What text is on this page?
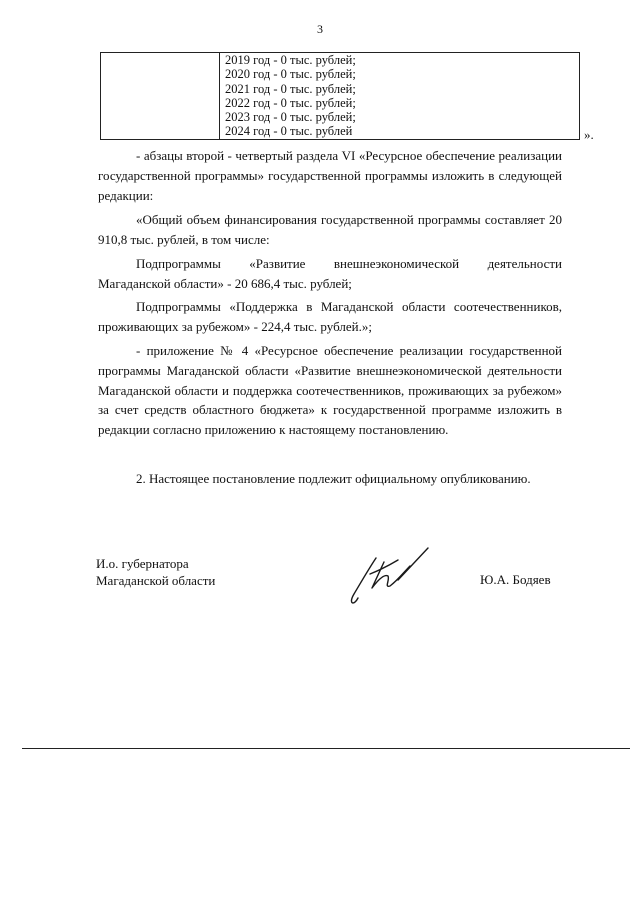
3
2019 год - 0 тыс. рублей;
2020 год - 0 тыс. рублей;
2021 год - 0 тыс. рублей;
2022 год - 0 тыс. рублей;
2023 год - 0 тыс. рублей;
2024 год - 0 тыс. рублей	».

- абзацы второй - четвертый раздела VI «Ресурсное обеспечение реализации государственной программы» государственной программы изложить в следующей редакции:

«Общий объем финансирования государственной программы составляет 20 910,8 тыс. рублей, в том числе:

Подпрограммы «Развитие внешнеэкономической деятельности Магаданской области» - 20 686,4 тыс. рублей;

Подпрограммы «Поддержка в Магаданской области соотечественников, проживающих за рубежом» - 224,4 тыс. рублей.»;

- приложение № 4 «Ресурсное обеспечение реализации государственной программы Магаданской области «Развитие внешнеэкономической деятельности Магаданской области и поддержка соотечественников, проживающих за рубежом» за счет средств областного бюджета» к государственной программе изложить в редакции согласно приложению к настоящему постановлению.

2. Настоящее постановление подлежит официальному опубликованию.

И.о. губернатора
Магаданской области	Ю.А. Бодяев
